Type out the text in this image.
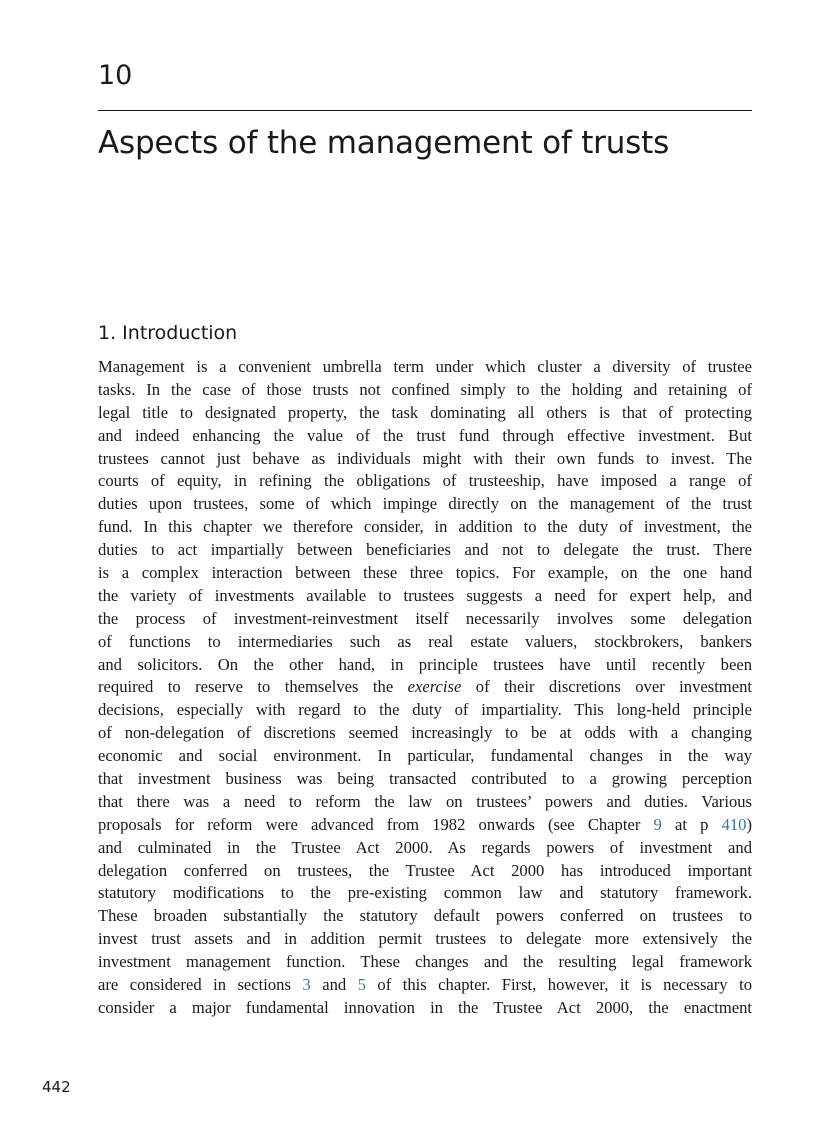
10
Aspects of the management of trusts
1. Introduction
Management is a convenient umbrella term under which cluster a diversity of trustee
tasks. In the case of those trusts not confined simply to the holding and retaining of
legal title to designated property, the task dominating all others is that of protecting
and indeed enhancing the value of the trust fund through effective investment. But
trustees cannot just behave as individuals might with their own funds to invest. The
courts of equity, in refining the obligations of trusteeship, have imposed a range of
duties upon trustees, some of which impinge directly on the management of the trust
fund. In this chapter we therefore consider, in addition to the duty of investment, the
duties to act impartially between beneficiaries and not to delegate the trust. There
is a complex interaction between these three topics. For example, on the one hand
the variety of investments available to trustees suggests a need for expert help, and
the process of investment-reinvestment itself necessarily involves some delegation
of functions to intermediaries such as real estate valuers, stockbrokers, bankers
and solicitors. On the other hand, in principle trustees have until recently been
required to reserve to themselves the exercise of their discretions over investment
decisions, especially with regard to the duty of impartiality. This long-held principle
of non-delegation of discretions seemed increasingly to be at odds with a changing
economic and social environment. In particular, fundamental changes in the way
that investment business was being transacted contributed to a growing perception
that there was a need to reform the law on trustees’ powers and duties. Various
proposals for reform were advanced from 1982 onwards (see Chapter 9 at p 410)
and culminated in the Trustee Act 2000. As regards powers of investment and
delegation conferred on trustees, the Trustee Act 2000 has introduced important
statutory modifications to the pre-existing common law and statutory framework.
These broaden substantially the statutory default powers conferred on trustees to
invest trust assets and in addition permit trustees to delegate more extensively the
investment management function. These changes and the resulting legal framework
are considered in sections 3 and 5 of this chapter. First, however, it is necessary to
consider a major fundamental innovation in the Trustee Act 2000, the enactment
442
